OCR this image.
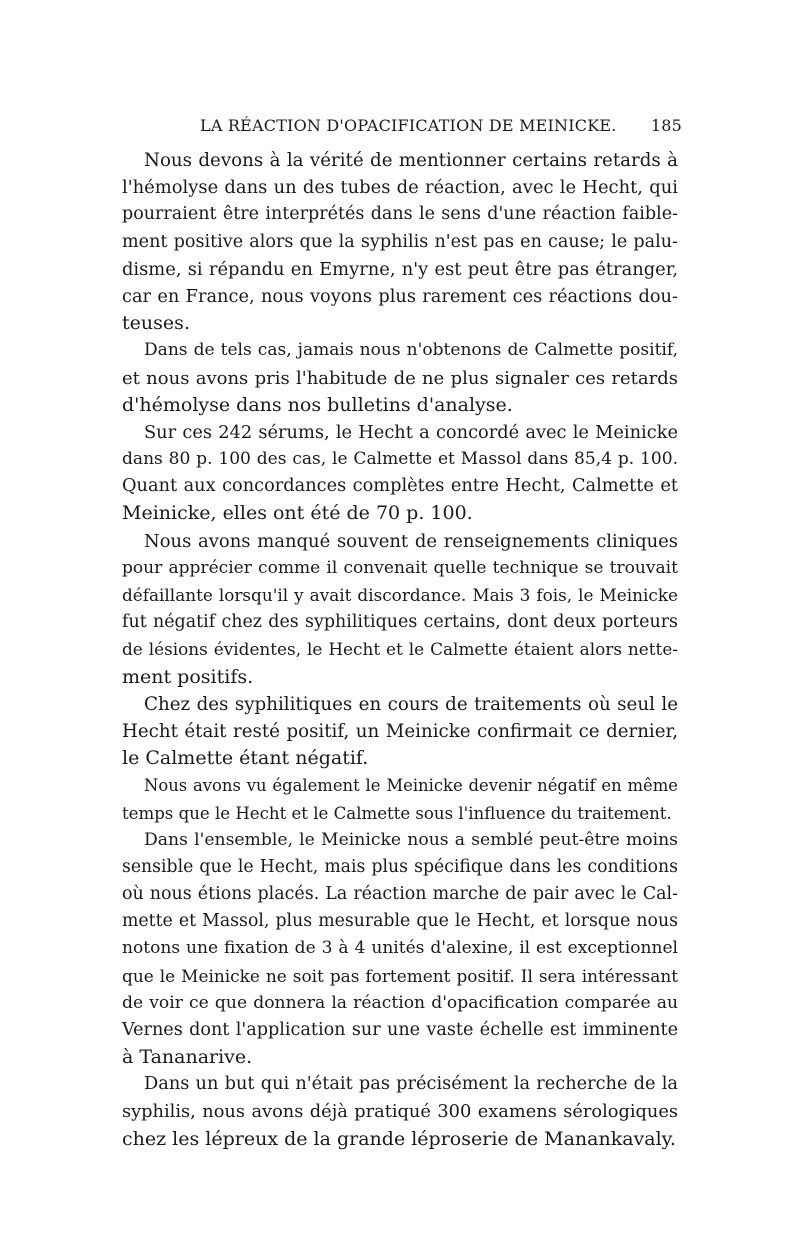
LA RÉACTION D'OPACIFICATION DE MEINICKE. 185

Nous devons à la vérité de mentionner certains retards à
l'hémolyse dans un des tubes de réaction, avec le Hecht, qui
pourraient être interprétés dans le sens d'une réaction faible-
ment positive alors que la syphilis n'est pas en cause; le palu-
disme, si répandu en Emyrne, n'y est peut être pas étranger,
car en France, nous voyons plus rarement ces réactions dou-
teuses.

Dans de tels cas, jamais nous n'obtenons de Calmette positif,
et nous avons pris l'habitude de ne plus signaler ces retards
d'hémolyse dans nos bulletins d'analyse.

Sur ces 242 sérums, le Hecht a concordé avec le Meinicke
dans 80 p. 100 des cas, le Calmette et Massol dans 85,4 p. 100.
Quant aux concordances complètes entre Hecht, Calmette et
Meinicke, elles ont été de 70 p. 100.

Nous avons manqué souvent de renseignements cliniques
pour apprécier comme il convenait quelle technique se trouvait
défaillante lorsqu'il y avait discordance. Mais 3 fois, le Meinicke
fut négatif chez des syphilitiques certains, dont deux porteurs
de lésions évidentes, le Hecht et le Calmette étaient alors nette-
ment positifs.

Chez des syphilitiques en cours de traitements où seul le
Hecht était resté positif, un Meinicke confirmait ce dernier,
le Calmette étant négatif.

Nous avons vu également le Meinicke devenir négatif en même
temps que le Hecht et le Calmette sous l'influence du traitement.

Dans l'ensemble, le Meinicke nous a semblé peut-être moins
sensible que le Hecht, mais plus spécifique dans les conditions
où nous étions placés. La réaction marche de pair avec le Cal-
mette et Massol, plus mesurable que le Hecht, et lorsque nous
notons une fixation de 3 à 4 unités d'alexine, il est exceptionnel
que le Meinicke ne soit pas fortement positif. Il sera intéressant
de voir ce que donnera la réaction d'opacification comparée au
Vernes dont l'application sur une vaste échelle est imminente
à Tananarive.

Dans un but qui n'était pas précisément la recherche de la
syphilis, nous avons déjà pratiqué 300 examens sérologiques
chez les lépreux de la grande léproserie de Manankavaly.
